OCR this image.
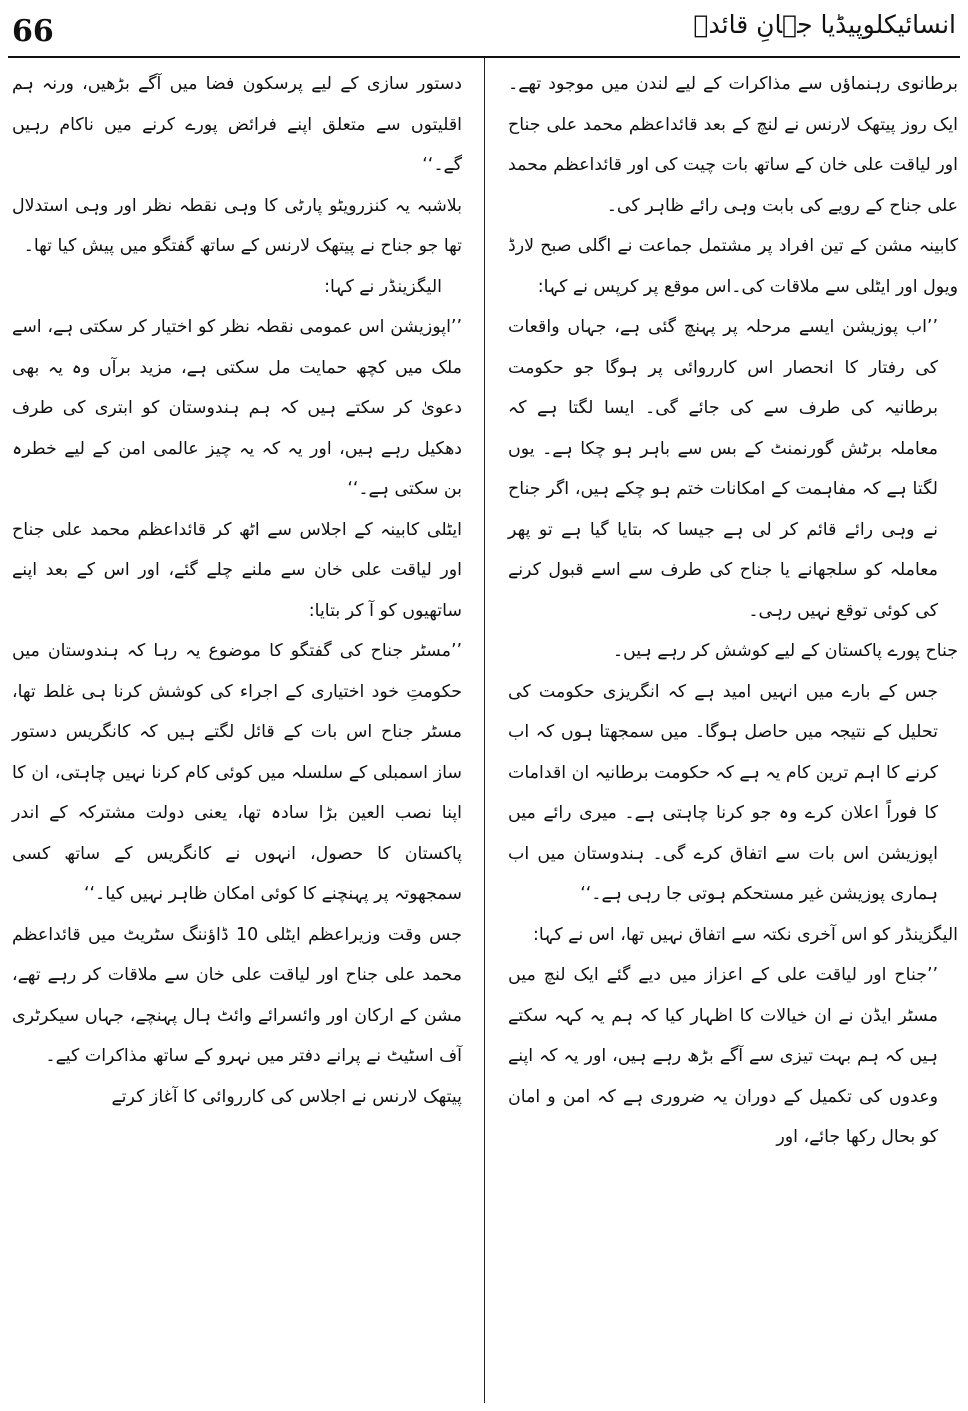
66	انسائیکلوپیڈیا جہانِ قائدؒ

برطانوی رہنماؤں سے مذاکرات کے لیے لندن میں موجود تھے۔ایک روز پیتھک لارنس نے لنچ کے بعد قائداعظم محمد علی جناح اور لیاقت علی خان کے ساتھ بات چیت کی اور قائداعظم محمد علی جناح کے رویے کی بابت وہی رائے ظاہر کی۔

کابینہ مشن کے تین افراد پر مشتمل جماعت نے اگلی صبح لارڈ ویول اور ایٹلی سے ملاقات کی۔اس موقع پر کرپس نے کہا:

’’اب پوزیشن ایسے مرحلہ پر پہنچ گئی ہے، جہاں واقعات کی رفتار کا انحصار اس کارروائی پر ہوگا جو حکومت برطانیہ کی طرف سے کی جائے گی۔ ایسا لگتا ہے کہ معاملہ برٹش گورنمنٹ کے بس سے باہر ہو چکا ہے۔ یوں لگتا ہے کہ مفاہمت کے امکانات ختم ہو چکے ہیں، اگر جناح نے وہی رائے قائم کر لی ہے جیسا کہ بتایا گیا ہے تو پھر معاملہ کو سلجھانے یا جناح کی طرف سے اسے قبول کرنے کی کوئی توقع نہیں رہی۔

جناح پورے پاکستان کے لیے کوشش کر رہے ہیں۔

جس کے بارے میں انہیں امید ہے کہ انگریزی حکومت کی تحلیل کے نتیجہ میں حاصل ہوگا۔ میں سمجھتا ہوں کہ اب کرنے کا اہم ترین کام یہ ہے کہ حکومت برطانیہ ان اقدامات کا فوراً اعلان کرے وہ جو کرنا چاہتی ہے۔ میری رائے میں اپوزیشن اس بات سے اتفاق کرے گی۔ ہندوستان میں اب ہماری پوزیشن غیر مستحکم ہوتی جا رہی ہے۔‘‘

الیگزینڈر کو اس آخری نکتہ سے اتفاق نہیں تھا، اس نے کہا:

’’جناح اور لیاقت علی کے اعزاز میں دیے گئے ایک لنچ میں مسٹر ایڈن نے ان خیالات کا اظہار کیا کہ ہم یہ کہہ سکتے ہیں کہ ہم بہت تیزی سے آگے بڑھ رہے ہیں، اور یہ کہ اپنے وعدوں کی تکمیل کے دوران یہ ضروری ہے کہ امن و امان کو بحال رکھا جائے، اور

دستور سازی کے لیے پرسکون فضا میں آگے بڑھیں، ورنہ ہم اقلیتوں سے متعلق اپنے فرائض پورے کرنے میں ناکام رہیں گے۔‘‘

بلاشبہ یہ کنزرویٹو پارٹی کا وہی نقطہ نظر اور وہی استدلال تھا جو جناح نے پیتھک لارنس کے ساتھ گفتگو میں پیش کیا تھا۔

الیگزینڈر نے کہا:

’’اپوزیشن اس عمومی نقطہ نظر کو اختیار کر سکتی ہے، اسے ملک میں کچھ حمایت مل سکتی ہے، مزید برآں وہ یہ بھی دعویٰ کر سکتے ہیں کہ ہم ہندوستان کو ابتری کی طرف دھکیل رہے ہیں، اور یہ کہ یہ چیز عالمی امن کے لیے خطرہ بن سکتی ہے۔‘‘

ایٹلی کابینہ کے اجلاس سے اٹھ کر قائداعظم محمد علی جناح اور لیاقت علی خان سے ملنے چلے گئے، اور اس کے بعد اپنے ساتھیوں کو آ کر بتایا:

’’مسٹر جناح کی گفتگو کا موضوع یہ رہا کہ ہندوستان میں حکومتِ خود اختیاری کے اجراء کی کوشش کرنا ہی غلط تھا، مسٹر جناح اس بات کے قائل لگتے ہیں کہ کانگریس دستور ساز اسمبلی کے سلسلہ میں کوئی کام کرنا نہیں چاہتی، ان کا اپنا نصب العین بڑا سادہ تھا، یعنی دولت مشترکہ کے اندر پاکستان کا حصول، انہوں نے کانگریس کے ساتھ کسی سمجھوتہ پر پہنچنے کا کوئی امکان ظاہر نہیں کیا۔‘‘

جس وقت وزیراعظم ایٹلی 10 ڈاؤننگ سٹریٹ میں قائداعظم محمد علی جناح اور لیاقت علی خان سے ملاقات کر رہے تھے، مشن کے ارکان اور وائسرائے وائٹ ہال پہنچے، جہاں سیکرٹری آف اسٹیٹ نے پرانے دفتر میں نہرو کے ساتھ مذاکرات کیے۔

پیتھک لارنس نے اجلاس کی کارروائی کا آغاز کرتے
